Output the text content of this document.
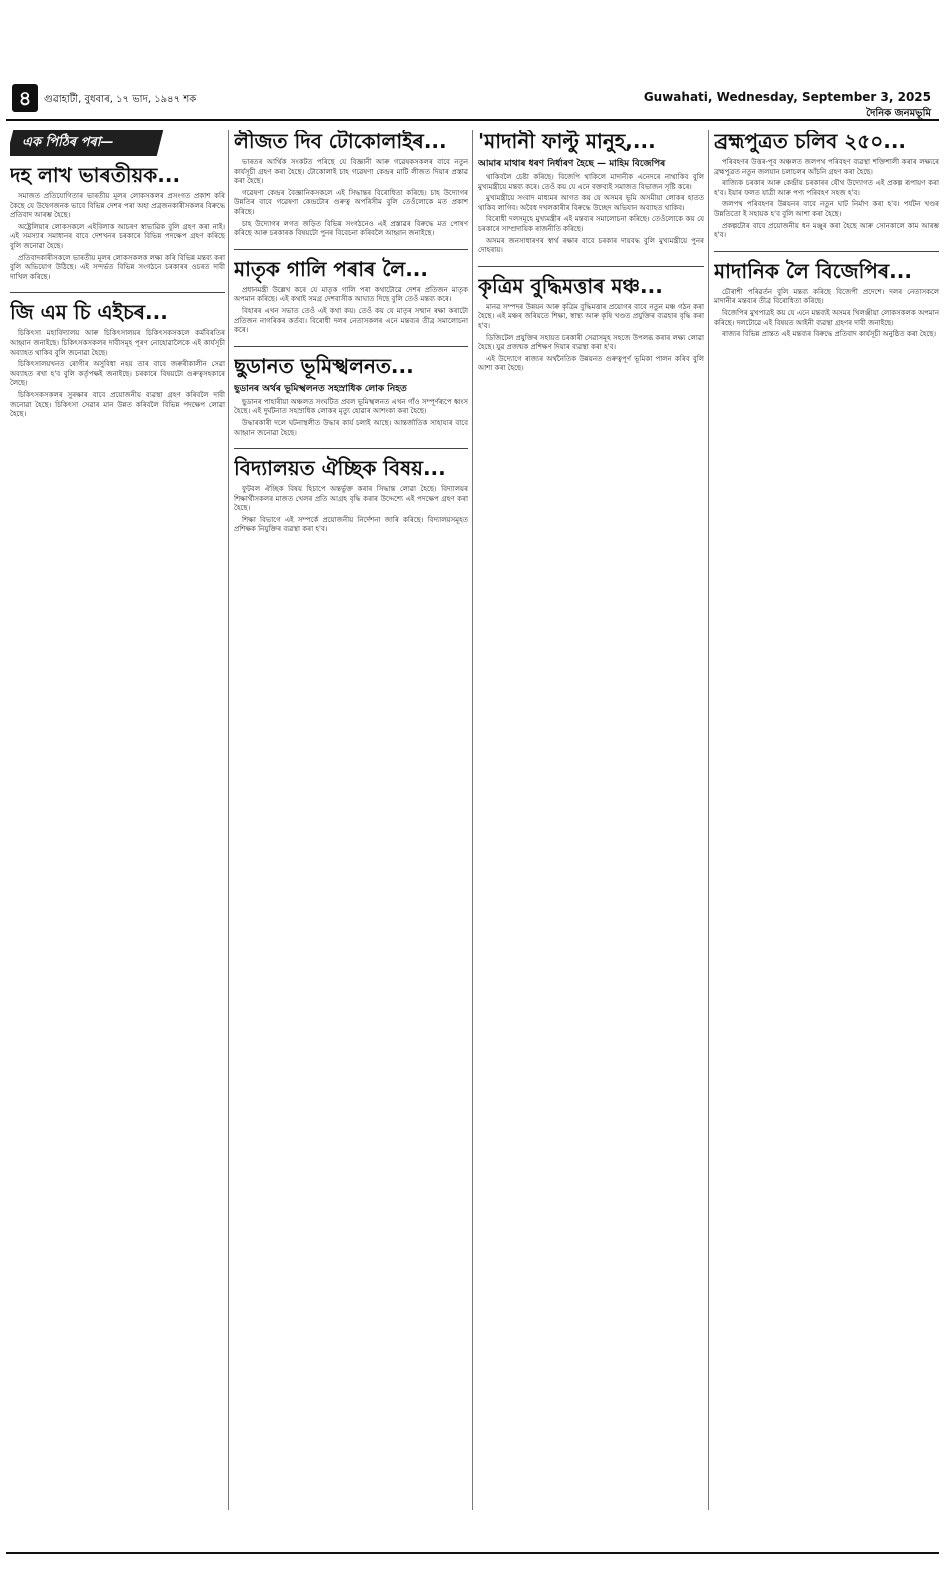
৪	গুৱাহাটী, বুধবাৰ, ১৭ ভাদ, ১৯৪৭ শক	Guwahati, Wednesday, September 3, 2025
দৈনিক জনমভূমি
এক পিঠিৰ পৰা—
দহ লাখ ভাৰতীয়ক...

সমাজত প্ৰতিযোগিতাৰ ভাৰতীয় মূলৰ লোকসকলৰ প্ৰসংগত প্ৰকাশ কৰি কৈছে যে উদ্বেগজনক ভাবে বিভিন্ন দেশৰ পৰা অহা প্ৰব্ৰজনকাৰীসকলৰ বিৰুদ্ধে প্ৰতিবাদ আৰম্ভ হৈছে।

অষ্ট্ৰেলিয়াৰ লোকসকলে এইবিলাক আচৰণ স্বাভাৱিক বুলি গ্ৰহণ কৰা নাই। এই সমস্যাৰ সমাধানৰ বাবে দেশখনৰ চৰকাৰে বিভিন্ন পদক্ষেপ গ্ৰহণ কৰিছে বুলি জনোৱা হৈছে।

প্ৰতিবাদকাৰীসকলে ভাৰতীয় মূলৰ লোকসকলক লক্ষ্য কৰি বিভিন্ন মন্তব্য কৰা বুলি অভিযোগ উঠিছে। এই সন্দৰ্ভত বিভিন্ন সংগঠনে চৰকাৰৰ ওচৰত দাবী দাখিল কৰিছে।

জি এম চি এইচৰ...

চিকিৎসা মহাবিদ্যালয় আৰু চিকিৎসালয়ৰ চিকিৎসকসকলে কৰ্মবিৰতিৰ আহ্বান জনাইছে। চিকিৎসকসকলৰ দাবীসমূহ পূৰণ নোহোৱালৈকে এই কাৰ্যসূচী অব্যাহত থাকিব বুলি জনোৱা হৈছে।

চিকিৎসালয়খনত ৰোগীৰ অসুবিধা নহয় তাৰ বাবে জৰুৰীকালীন সেৱা অব্যাহত ৰখা হ'ব বুলি কৰ্তৃপক্ষই জনাইছে। চৰকাৰে বিষয়টো গুৰুত্বসহকাৰে লৈছে।

চিকিৎসকসকলৰ সুৰক্ষাৰ বাবে প্ৰয়োজনীয় ব্যৱস্থা গ্ৰহণ কৰিবলৈ দাবী জনোৱা হৈছে। চিকিৎসা সেৱাৰ মান উন্নত কৰিবলৈ বিভিন্ন পদক্ষেপ লোৱা হৈছে।

লীজত দিব টোকোলাইৰ...

ভাৰতৰ আৰ্থিক সংকটত পৰিছে যে বিজ্ঞানী আৰু গৱেষকসকলৰ বাবে নতুন কাৰ্যসূচী গ্ৰহণ কৰা হৈছে। টোকোলাই চাহ গৱেষণা কেন্দ্ৰৰ মাটি লীজত দিয়াৰ প্ৰস্তাৱ কৰা হৈছে।

গৱেষণা কেন্দ্ৰৰ বৈজ্ঞানিকসকলে এই সিদ্ধান্তৰ বিৰোধিতা কৰিছে। চাহ উদ্যোগৰ উন্নতিৰ বাবে গৱেষণা কেন্দ্ৰটোৰ গুৰুত্ব অপৰিসীম বুলি তেওঁলোকে মত প্ৰকাশ কৰিছে।

চাহ উদ্যোগৰ লগত জড়িত বিভিন্ন সংগঠনেও এই প্ৰস্তাৱৰ বিৰুদ্ধে মত পোষণ কৰিছে আৰু চৰকাৰক বিষয়টো পুনৰ বিবেচনা কৰিবলৈ আহ্বান জনাইছে।

মাতৃক গালি পৰাৰ লৈ...

প্ৰধানমন্ত্ৰী উল্লেখ কৰে যে মাতৃক গালি পৰা কথাটোৱে দেশৰ প্ৰতিজন মাতৃক অপমান কৰিছে। এই কথাই সমগ্ৰ দেশবাসীক আঘাত দিছে বুলি তেওঁ মন্তব্য কৰে।

বিহাৰৰ এখন সভাত তেওঁ এই কথা কয়। তেওঁ কয় যে মাতৃৰ সন্মান ৰক্ষা কৰাটো প্ৰতিজন নাগৰিকৰ কৰ্তব্য। বিৰোধী দলৰ নেতাসকলৰ এনে মন্তব্যৰ তীব্ৰ সমালোচনা কৰে।

ছুডানত ভূমিস্খলনত...
ছুডানৰ অৰ্থৰ ভূমিস্খলনত সহস্ৰাধিক লোক নিহত

ছুডানৰ পাহাৰীয়া অঞ্চলত সংঘটিত প্ৰবল ভূমিস্খলনত এখন গাঁও সম্পূৰ্ণৰূপে ধ্বংস হৈছে। এই দুৰ্ঘটনাত সহস্ৰাধিক লোকৰ মৃত্যু হোৱাৰ আশংকা কৰা হৈছে।

উদ্ধাৰকাৰী দলে ঘটনাস্থলীত উদ্ধাৰ কাৰ্য চলাই আছে। আন্তৰ্জাতিক সাহায্যৰ বাবে আহ্বান জনোৱা হৈছে।

বিদ্যালয়ত ঐচ্ছিক বিষয়...

ফুটবল ঐচ্ছিক বিষয় হিচাপে অন্তৰ্ভুক্ত কৰাৰ সিদ্ধান্ত লোৱা হৈছে। বিদ্যালয়ৰ শিক্ষাৰ্থীসকলৰ মাজত খেলৰ প্ৰতি আগ্ৰহ বৃদ্ধি কৰাৰ উদ্দেশ্যে এই পদক্ষেপ গ্ৰহণ কৰা হৈছে।

শিক্ষা বিভাগে এই সম্পৰ্কে প্ৰয়োজনীয় নিৰ্দেশনা জাৰি কৰিছে। বিদ্যালয়সমূহত প্ৰশিক্ষক নিযুক্তিৰ ব্যৱস্থা কৰা হ'ব।

'মাদানী ফাল্টু মানুহ,...
আমাৰ মাথাৰ ধৰণ নিৰ্ধাৰণ হৈছে — মাহিম বিজেপিৰ

থাকিবলৈ চেষ্টা কৰিছে। বিজেপি থাকিলে মাদানীক এনেদৰে নাথাকিব বুলি মুখ্যমন্ত্ৰীয়ে মন্তব্য কৰে। তেওঁ কয় যে এনে বক্তব্যই সমাজত বিভাজন সৃষ্টি কৰে।

মুখ্যমন্ত্ৰীয়ে সংবাদ মাধ্যমৰ আগত কয় যে অসমৰ ভূমি অসমীয়া লোকৰ হাতত থাকিব লাগিব। অবৈধ দখলকাৰীৰ বিৰুদ্ধে উচ্ছেদ অভিযান অব্যাহত থাকিব।

বিৰোধী দলসমূহে মুখ্যমন্ত্ৰীৰ এই মন্তব্যৰ সমালোচনা কৰিছে। তেওঁলোকে কয় যে চৰকাৰে সাম্প্ৰদায়িক ৰাজনীতি কৰিছে।

অসমৰ জনসাধাৰণৰ স্বাৰ্থ ৰক্ষাৰ বাবে চৰকাৰ দায়বদ্ধ বুলি মুখ্যমন্ত্ৰীয়ে পুনৰ দোহৰায়।

কৃত্ৰিম বুদ্ধিমত্তাৰ মঞ্চ...

মানৱ সম্পদৰ উন্নয়ন আৰু কৃত্ৰিম বুদ্ধিমত্তাৰ প্ৰয়োগৰ বাবে নতুন মঞ্চ গঠন কৰা হৈছে। এই মঞ্চৰ জৰিয়তে শিক্ষা, স্বাস্থ্য আৰু কৃষি খণ্ডত প্ৰযুক্তিৰ ব্যৱহাৰ বৃদ্ধি কৰা হ'ব।

ডিজিটেল প্ৰযুক্তিৰ সহায়ত চৰকাৰী সেৱাসমূহ সহজে উপলব্ধ কৰাৰ লক্ষ্য লোৱা হৈছে। যুৱ প্ৰজন্মক প্ৰশিক্ষণ দিয়াৰ ব্যৱস্থা কৰা হ'ব।

এই উদ্যোগে ৰাজ্যৰ অৰ্থনৈতিক উন্নয়নত গুৰুত্বপূৰ্ণ ভূমিকা পালন কৰিব বুলি আশা কৰা হৈছে।

ব্ৰহ্মপুত্ৰত চলিব ২৫০...

পৰিবহণৰ উত্তৰ-পূব অঞ্চলত জলপথ পৰিবহণ ব্যৱস্থা শক্তিশালী কৰাৰ লক্ষ্যৰে ব্ৰহ্মপুত্ৰত নতুন জলযান চলাচলৰ আঁচনি গ্ৰহণ কৰা হৈছে।

ৰাজ্যিক চৰকাৰ আৰু কেন্দ্ৰীয় চৰকাৰৰ যৌথ উদ্যোগত এই প্ৰকল্প ৰূপায়ণ কৰা হ'ব। ইয়াৰ ফলত যাত্ৰী আৰু পণ্য পৰিবহণ সহজ হ'ব।

জলপথ পৰিবহণৰ উন্নয়নৰ বাবে নতুন ঘাট নিৰ্মাণ কৰা হ'ব। পৰ্যটন খণ্ডৰ উন্নতিতো ই সহায়ক হ'ব বুলি আশা কৰা হৈছে।

প্ৰকল্পটোৰ বাবে প্ৰয়োজনীয় ধন মঞ্জুৰ কৰা হৈছে আৰু সোনকালে কাম আৰম্ভ হ'ব।

মাদানিক লৈ বিজেপিৰ...

চৌৰাশী পৰিৱৰ্তন বুলি মন্তব্য কৰিছে বিজেপী প্ৰদেশে। দলৰ নেতাসকলে মাদানীৰ মন্তব্যৰ তীব্ৰ বিৰোধিতা কৰিছে।

বিজেপিৰ মুখপাত্ৰই কয় যে এনে মন্তব্যই অসমৰ খিলঞ্জীয়া লোকসকলক অপমান কৰিছে। দলটোৱে এই বিষয়ত আইনী ব্যৱস্থা গ্ৰহণৰ দাবী জনাইছে।

ৰাজ্যৰ বিভিন্ন প্ৰান্তত এই মন্তব্যৰ বিৰুদ্ধে প্ৰতিবাদ কাৰ্যসূচী অনুষ্ঠিত কৰা হৈছে।
